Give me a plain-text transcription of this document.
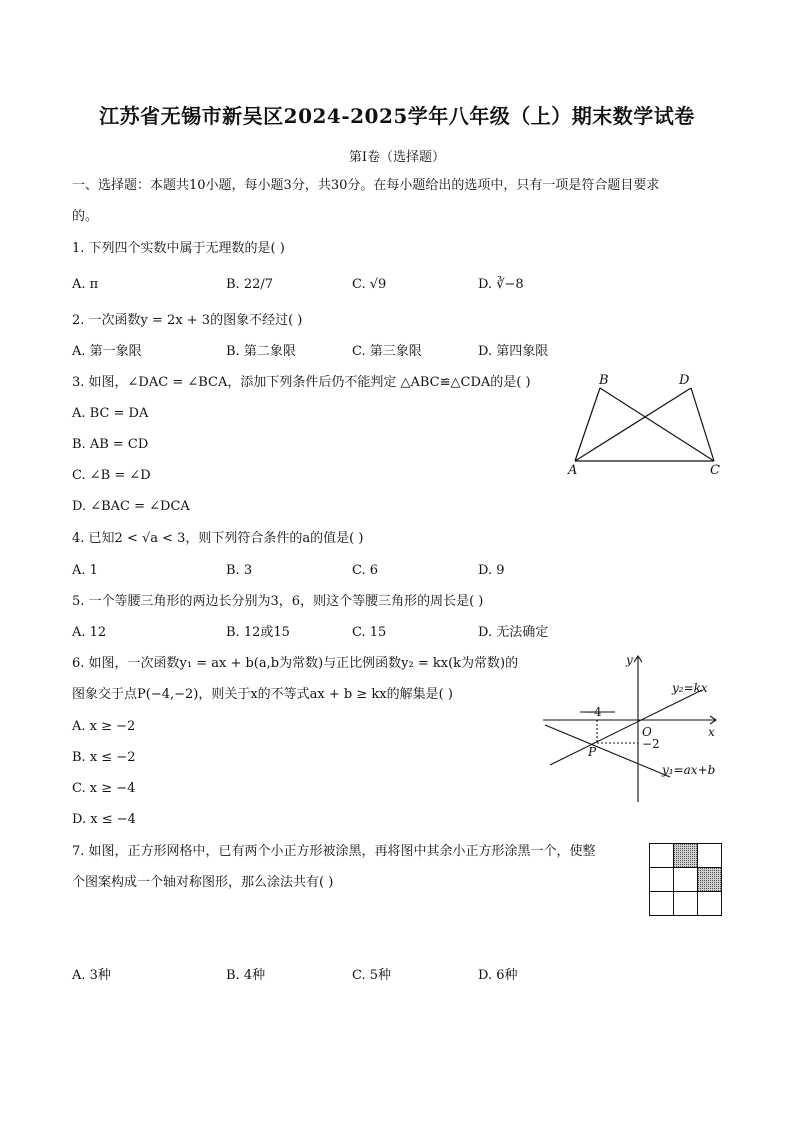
江苏省无锡市新吴区2024-2025学年八年级（上）期末数学试卷
第I卷（选择题）
一、选择题：本题共10小题，每小题3分，共30分。在每小题给出的选项中，只有一项是符合题目要求
的。
1. 下列四个实数中属于无理数的是( )
A. π	B. 22/7	C. √9	D. ∛−8
2. 一次函数y = 2x + 3的图象不经过( )
A. 第一象限	B. 第二象限	C. 第三象限	D. 第四象限
3. 如图，∠DAC = ∠BCA，添加下列条件后仍不能判定 △ABC≌△CDA的是( )
A. BC = DA
B. AB = CD
C. ∠B = ∠D
D. ∠BAC = ∠DCA
B	D
A	C
4. 已知2 < √a < 3，则下列符合条件的a的值是( )
A. 1	B. 3	C. 6	D. 9
5. 一个等腰三角形的两边长分别为3，6，则这个等腰三角形的周长是( )
A. 12	B. 12或15	C. 15	D. 无法确定
6. 如图，一次函数y₁ = ax + b(a,b为常数)与正比例函数y₂ = kx(k为常数)的
图象交于点P(−4,−2)，则关于x的不等式ax + b ≥ kx的解集是( )
A. x ≥ −2
B. x ≤ −2
C. x ≥ −4
D. x ≤ −4
y
y₂=kx
−4
O	x
−2
P
y₁=ax+b
7. 如图，正方形网格中，已有两个小正方形被涂黑，再将图中其余小正方形涂黑一个，使整
个图案构成一个轴对称图形，那么涂法共有( )
A. 3种	B. 4种	C. 5种	D. 6种
